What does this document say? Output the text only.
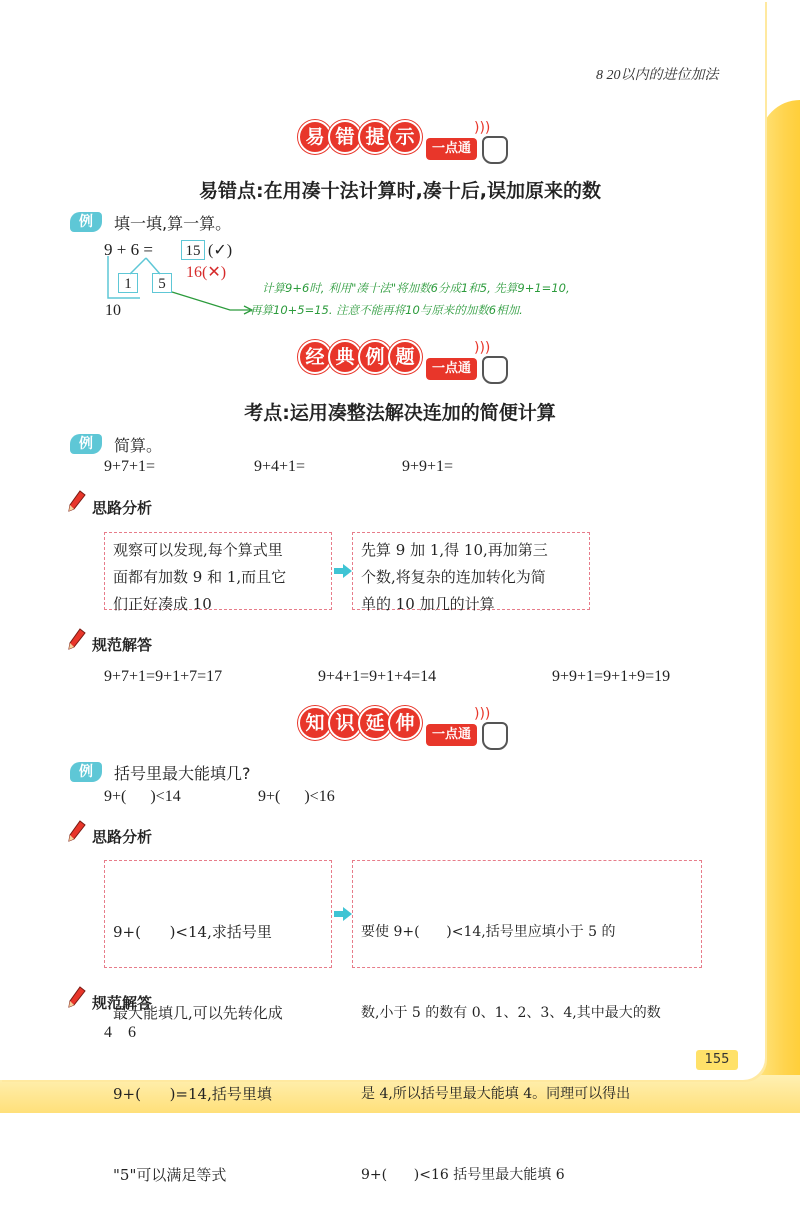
8 20以内的进位加法
易 错 提 示
一点通
)))
易错点:在用凑十法计算时,凑十后,误加原来的数
例	填一填,算一算。
9 + 6 =	15 (✓)
16(✕)
1	5
10
计算9+6时, 利用"凑十法"将加数6分成1和5, 先算9+1=10,
再算10+5=15. 注意不能再将10与原来的加数6相加.
经 典 例 题
一点通
)))
考点:运用凑整法解决连加的简便计算
例	简算。
9+7+1=	9+4+1=	9+9+1=
思路分析
观察可以发现,每个算式里
面都有加数 9 和 1,而且它
们正好凑成 10
先算 9 加 1,得 10,再加第三
个数,将复杂的连加转化为简
单的 10 加几的计算
规范解答
9+7+1=9+1+7=17	9+4+1=9+1+4=14	9+9+1=9+1+9=19
知 识 延 伸
一点通
)))
例	括号里最大能填几?
9+(      )<14	9+(      )<16
思路分析

9+(      )<14,求括号里

最大能填几,可以先转化成

9+(      )=14,括号里填

"5"可以满足等式

要使 9+(      )<14,括号里应填小于 5 的

数,小于 5 的数有 0、1、2、3、4,其中最大的数

是 4,所以括号里最大能填 4。同理可以得出

9+(      )<16 括号里最大能填 6

规范解答
4    6
155
